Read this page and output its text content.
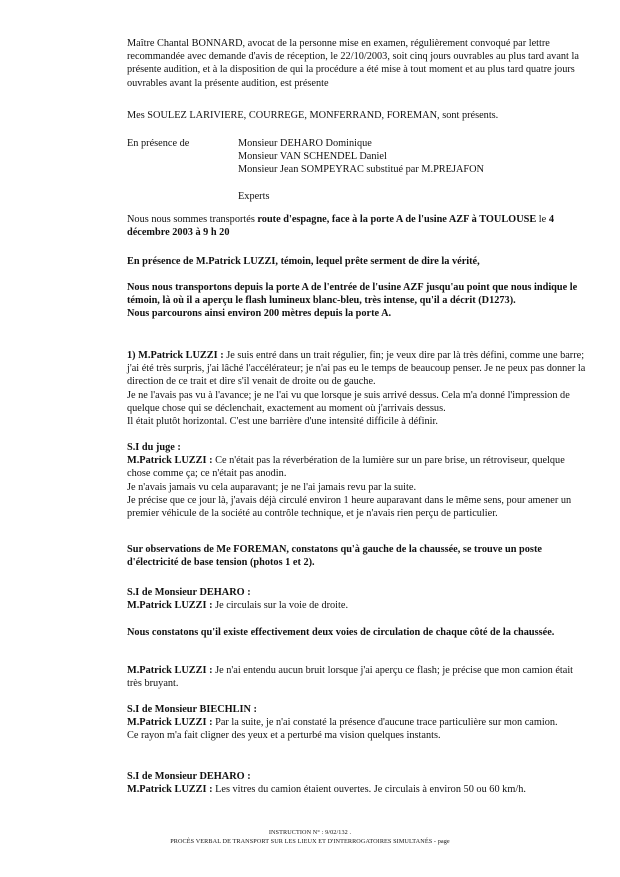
Maître Chantal BONNARD, avocat de la personne mise en examen, régulièrement convoqué par lettre recommandée avec demande d'avis de réception, le 22/10/2003, soit cinq jours ouvrables au plus tard avant la présente audition, et à la disposition de qui la procédure a été mise à tout moment et au plus tard quatre jours ouvrables avant la présente audition, est présente

Mes SOULEZ LARIVIERE, COURREGE, MONFERRAND, FOREMAN, sont présents.

En présence de	Monsieur DEHARO Dominique
Monsieur VAN SCHENDEL Daniel
Monsieur Jean SOMPEYRAC substitué par M.PREJAFON
Experts

Nous nous sommes transportés route d'espagne, face à la porte A de l'usine AZF à TOULOUSE le 4 décembre 2003 à 9 h 20

En présence de M.Patrick LUZZI, témoin, lequel prête serment de dire la vérité,

Nous nous transportons depuis la porte A de l'entrée de l'usine AZF jusqu'au point que nous indique le témoin, là où il a aperçu le flash lumineux blanc-bleu, très intense, qu'il a décrit (D1273).

Nous parcourons ainsi environ 200 mètres depuis la porte A.

1) M.Patrick LUZZI : Je suis entré dans un trait régulier, fin; je veux dire par là très défini, comme une barre; j'ai été très surpris, j'ai lâché l'accélérateur; je n'ai pas eu le temps de beaucoup penser. Je ne peux pas donner la direction de ce trait et dire s'il venait de droite ou de gauche.

Je ne l'avais pas vu à l'avance; je ne l'ai vu que lorsque je suis arrivé dessus. Cela m'a donné l'impression de quelque chose qui se déclenchait, exactement au moment où j'arrivais dessus.

Il était plutôt horizontal. C'est une barrière d'une intensité difficile à définir.

S.I du juge :

M.Patrick LUZZI : Ce n'était pas la réverbération de la lumière sur un pare brise, un rétroviseur, quelque chose comme ça; ce n'était pas anodin.

Je n'avais jamais vu cela auparavant; je ne l'ai jamais revu par la suite.

Je précise que ce jour là, j'avais déjà circulé environ 1 heure auparavant dans le même sens, pour amener un premier véhicule de la société au contrôle technique, et je n'avais rien perçu de particulier.

Sur observations de Me FOREMAN, constatons qu'à gauche de la chaussée, se trouve un poste d'électricité de base tension (photos 1 et 2).

S.I de Monsieur DEHARO :

M.Patrick LUZZI : Je circulais sur la voie de droite.

Nous constatons qu'il existe effectivement deux voies de circulation de chaque côté de la chaussée.

M.Patrick LUZZI : Je n'ai entendu aucun bruit lorsque j'ai aperçu ce flash; je précise que mon camion était très bruyant.

S.I de Monsieur BIECHLIN :

M.Patrick LUZZI : Par la suite, je n'ai constaté la présence d'aucune trace particulière sur mon camion.

Ce rayon m'a fait cligner des yeux et a perturbé ma vision quelques instants.

S.I de Monsieur DEHARO :

M.Patrick LUZZI : Les vitres du camion étaient ouvertes. Je circulais à environ 50 ou 60 km/h.

INSTRUCTION N° : 9/02/132 .
PROCÈS VERBAL DE TRANSPORT SUR LES LIEUX ET D'INTERROGATOIRES SIMULTANÉS - page
